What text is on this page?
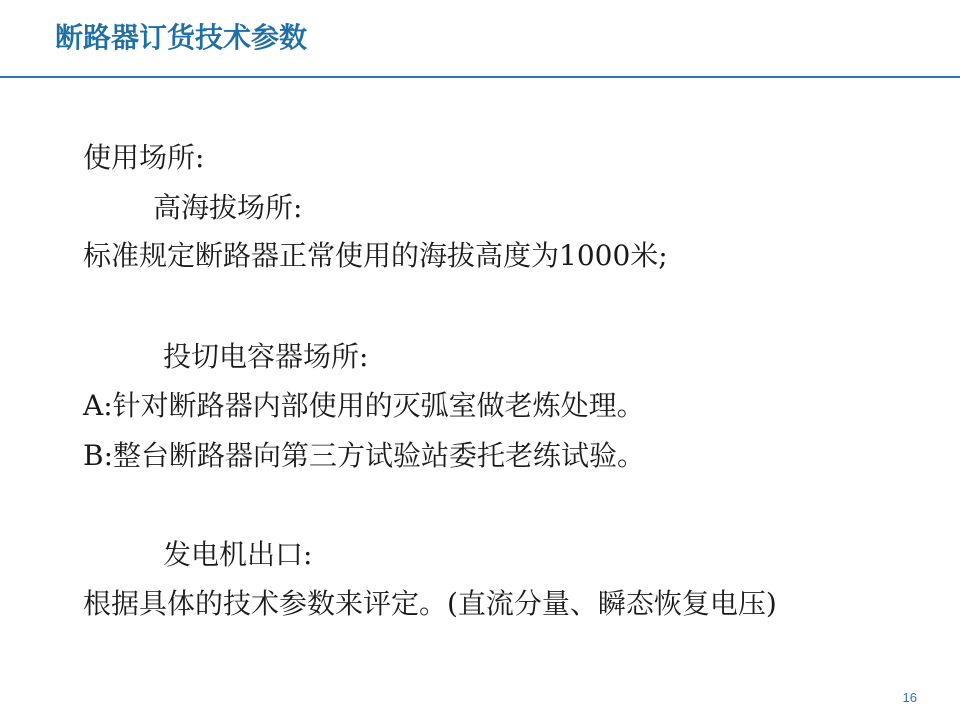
断路器订货技术参数
使用场所:
高海拔场所:
标准规定断路器正常使用的海拔高度为1000米;
投切电容器场所:
A:针对断路器内部使用的灭弧室做老炼处理。
B:整台断路器向第三方试验站委托老练试验。
发电机出口:
根据具体的技术参数来评定。(直流分量、瞬态恢复电压)
16
